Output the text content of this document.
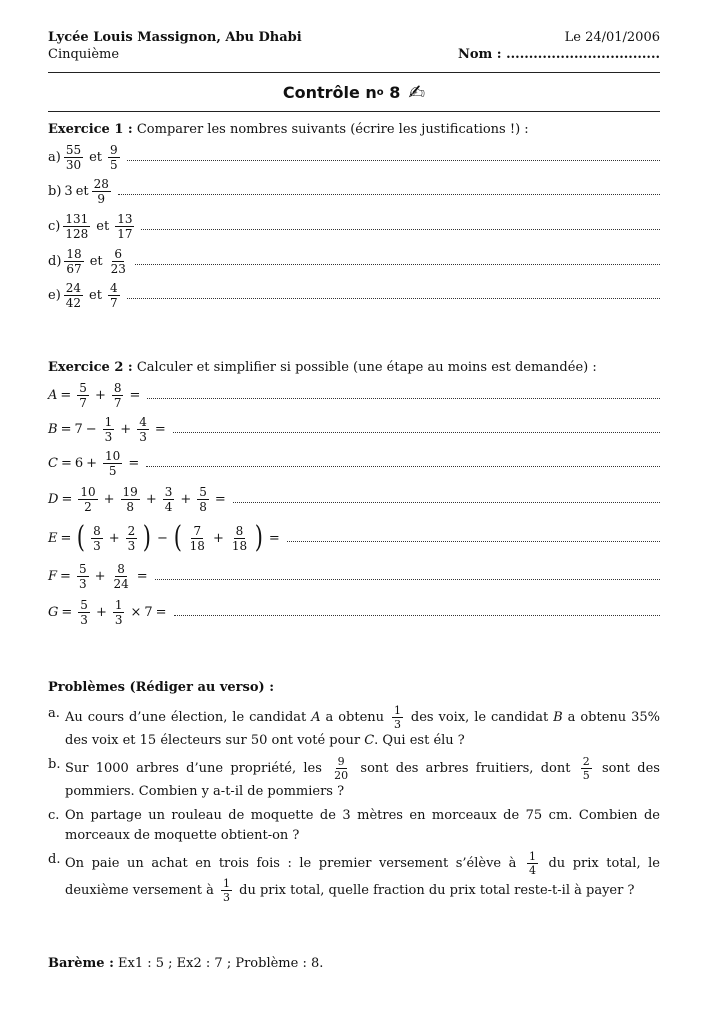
Lycée Louis Massignon, Abu Dhabi	Le 24/01/2006
Cinquième	Nom : ..................................
Contrôle n o
8 ✍
Exercice 1 : Comparer les nombres suivants (écrire les justifications !) :
$a) \frac{55}{30}$ et $\frac{9}{5}$
b) 3 et $\frac{28}{9}$
$c) \frac{131}{128}$ et $\frac{13}{17}$
$d) \frac{18}{67}$ et $\frac{6}{23}$
$e) \frac{24}{42}$ et $\frac{4}{7}$
Exercice 2 : Calculer et simplifier si possible (une étape au moins est demandée) :
$A = \frac{5}{7} + \frac{8}{7}$ =
$B = 7 - \frac{1}{3} + \frac{4}{3}$ =
$C = 6 + \frac{10}{5}$ =
$D = \frac{10}{2} + \frac{19}{8} + \frac{3}{4} + \frac{5}{8}$ =
E = ( $\frac{8}{3} + \frac{2}{3}$ ) − ( $\frac{7}{18} + \frac{8}{18}$ ) =
$F = \frac{5}{3} + \frac{8}{24}$ =
$G = \frac{5}{3} + \frac{1}{3} \times 7$ =
Problèmes (Rédiger au verso) :
a. Au cours d’une élection, le candidat A a obtenu $\frac{1}{3}$ des voix, le candidat B a obtenu 35% des voix et 15 électeurs sur 50 ont voté pour C. Qui est élu ?
b. Sur 1000 arbres d’une propriété, les $\frac{9}{20}$ sont des arbres fruitiers, dont $\frac{2}{5}$ sont des pommiers. Combien y a-t-il de pommiers ?
c. On partage un rouleau de moquette de 3 mètres en morceaux de 75 cm. Combien de morceaux de moquette obtient-on ?
d. On paie un achat en trois fois : le premier versement s’élève à $\frac{1}{4}$ du prix total, le deuxième versement à $\frac{1}{3}$ du prix total, quelle fraction du prix total reste-t-il à payer ?
Barème : Ex1 : 5 ; Ex2 : 7 ; Problème : 8.
